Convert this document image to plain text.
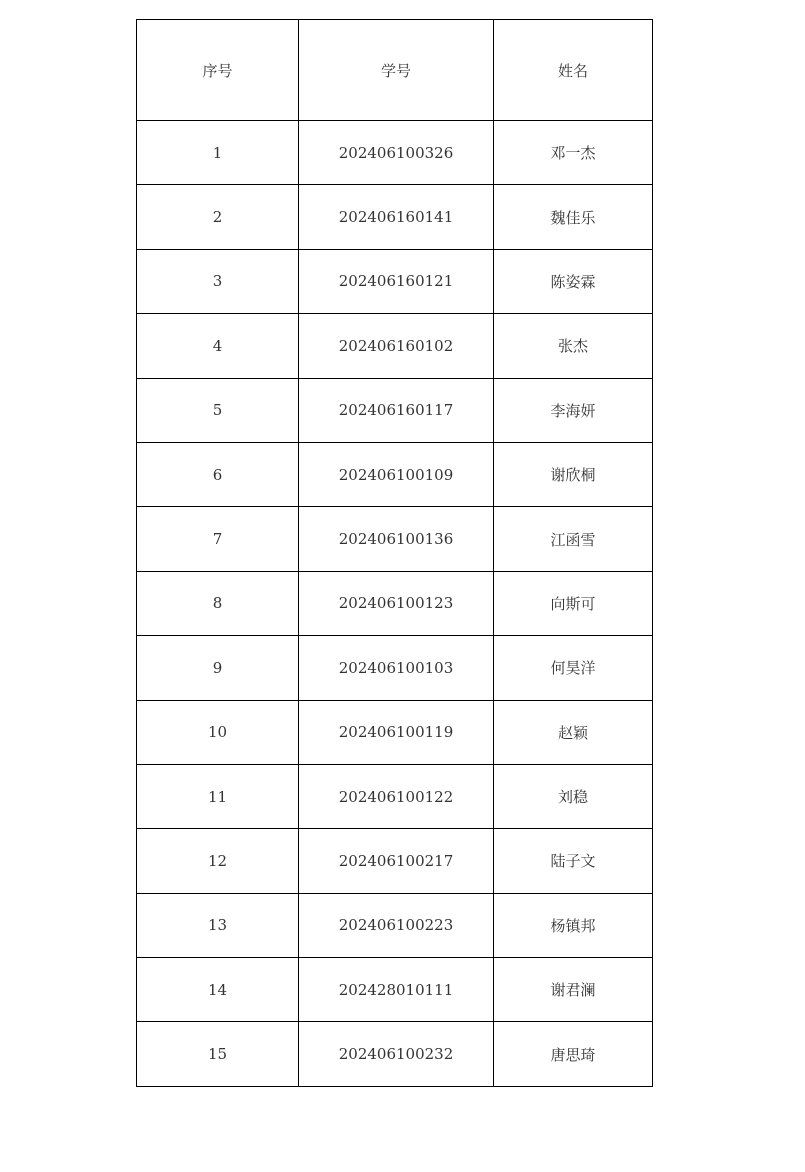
序号	学号	姓名
1	202406100326	邓一杰
2	202406160141	魏佳乐
3	202406160121	陈姿霖
4	202406160102	张杰
5	202406160117	李海妍
6	202406100109	谢欣桐
7	202406100136	江函雪
8	202406100123	向斯可
9	202406100103	何昊洋
10	202406100119	赵颖
11	202406100122	刘稳
12	202406100217	陆子文
13	202406100223	杨镇邦
14	202428010111	谢君澜
15	202406100232	唐思琦
